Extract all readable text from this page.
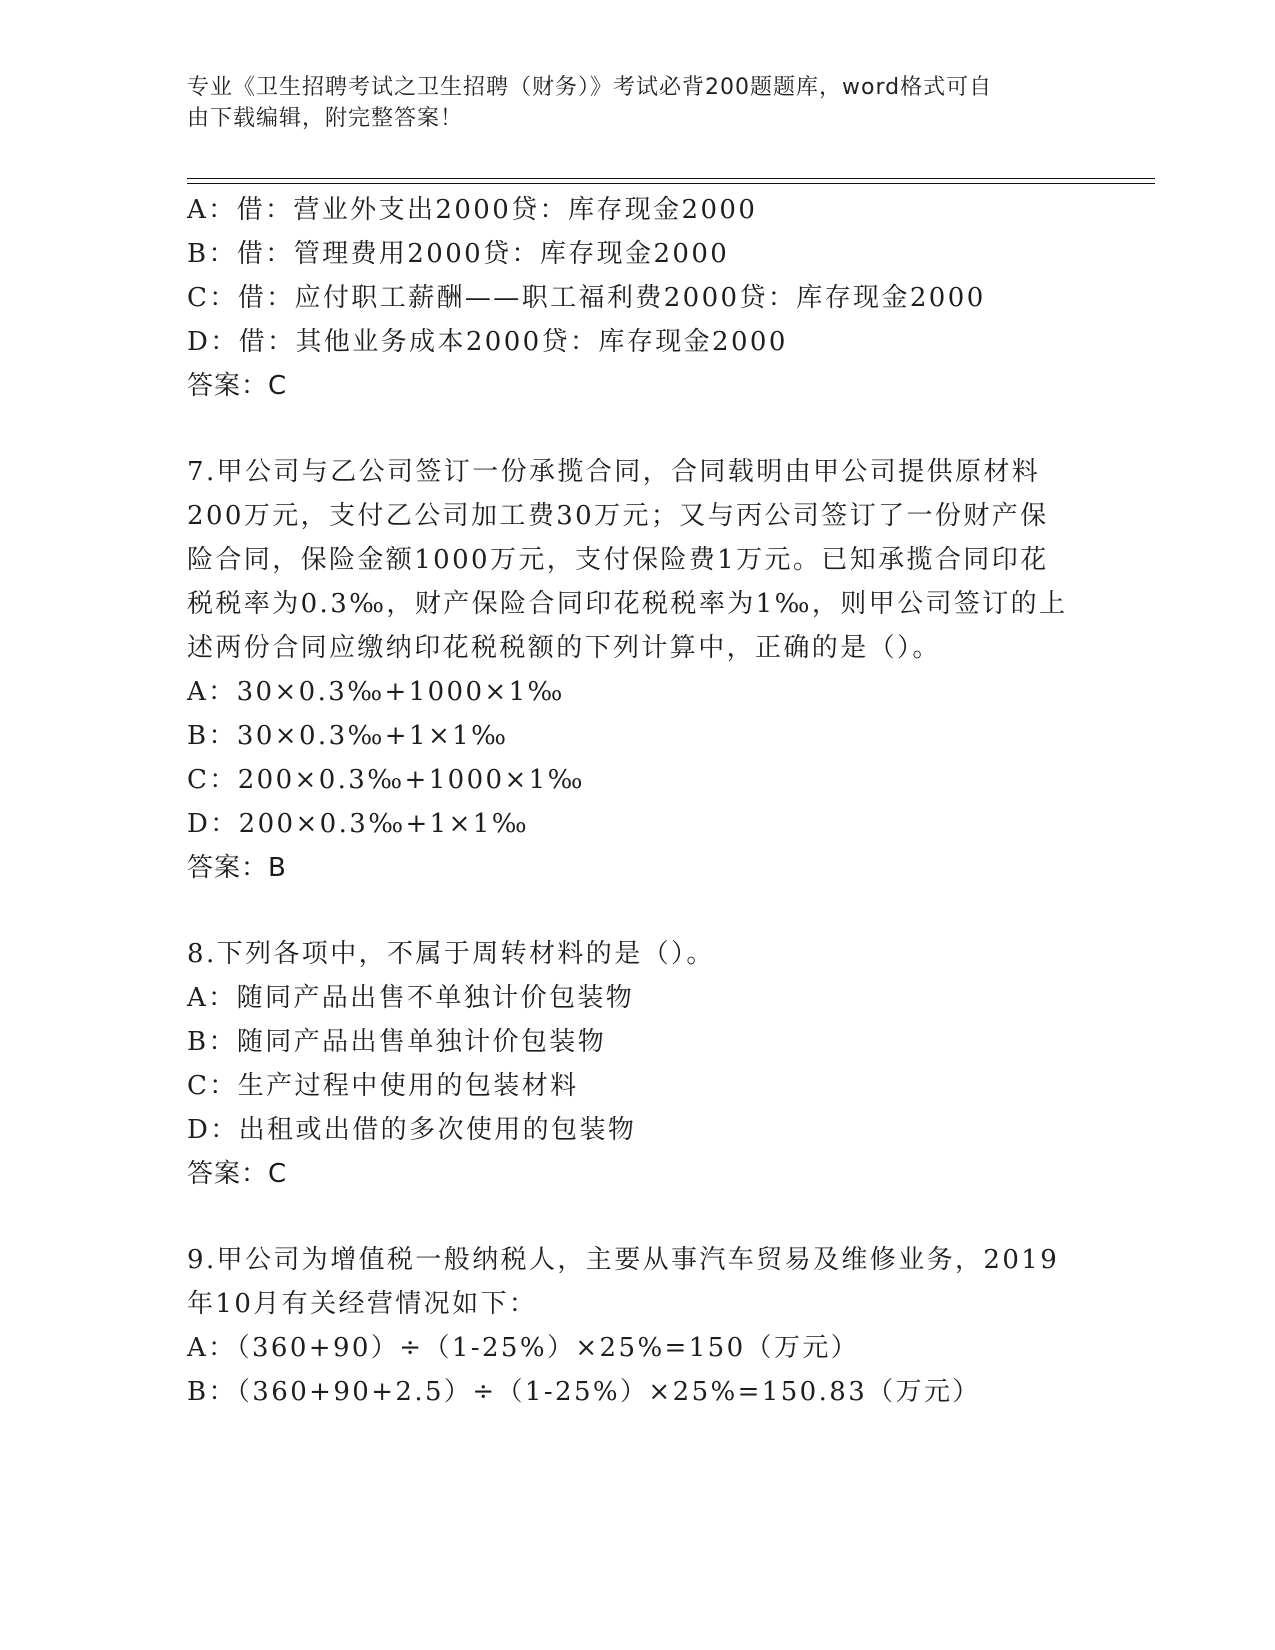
专业《卫生招聘考试之卫生招聘（财务）》考试必背200题题库，word格式可自
由下载编辑，附完整答案！
A：借：营业外支出2000贷：库存现金2000
B：借：管理费用2000贷：库存现金2000
C：借：应付职工薪酬——职工福利费2000贷：库存现金2000
D：借：其他业务成本2000贷：库存现金2000
答案：C
7.甲公司与乙公司签订一份承揽合同，合同载明由甲公司提供原材料
200万元，支付乙公司加工费30万元；又与丙公司签订了一份财产保
险合同，保险金额1000万元，支付保险费1万元。已知承揽合同印花
税税率为0.3‰，财产保险合同印花税税率为1‰，则甲公司签订的上
述两份合同应缴纳印花税税额的下列计算中，正确的是（）。
A：30×0.3‰+1000×1‰
B：30×0.3‰+1×1‰
C：200×0.3‰+1000×1‰
D：200×0.3‰+1×1‰
答案：B
8.下列各项中，不属于周转材料的是（）。
A：随同产品出售不单独计价包装物
B：随同产品出售单独计价包装物
C：生产过程中使用的包装材料
D：出租或出借的多次使用的包装物
答案：C
9.甲公司为增值税一般纳税人，主要从事汽车贸易及维修业务，2019
年10月有关经营情况如下：
A：（360+90）÷（1-25%）×25%=150（万元）
B：（360+90+2.5）÷（1-25%）×25%=150.83（万元）
